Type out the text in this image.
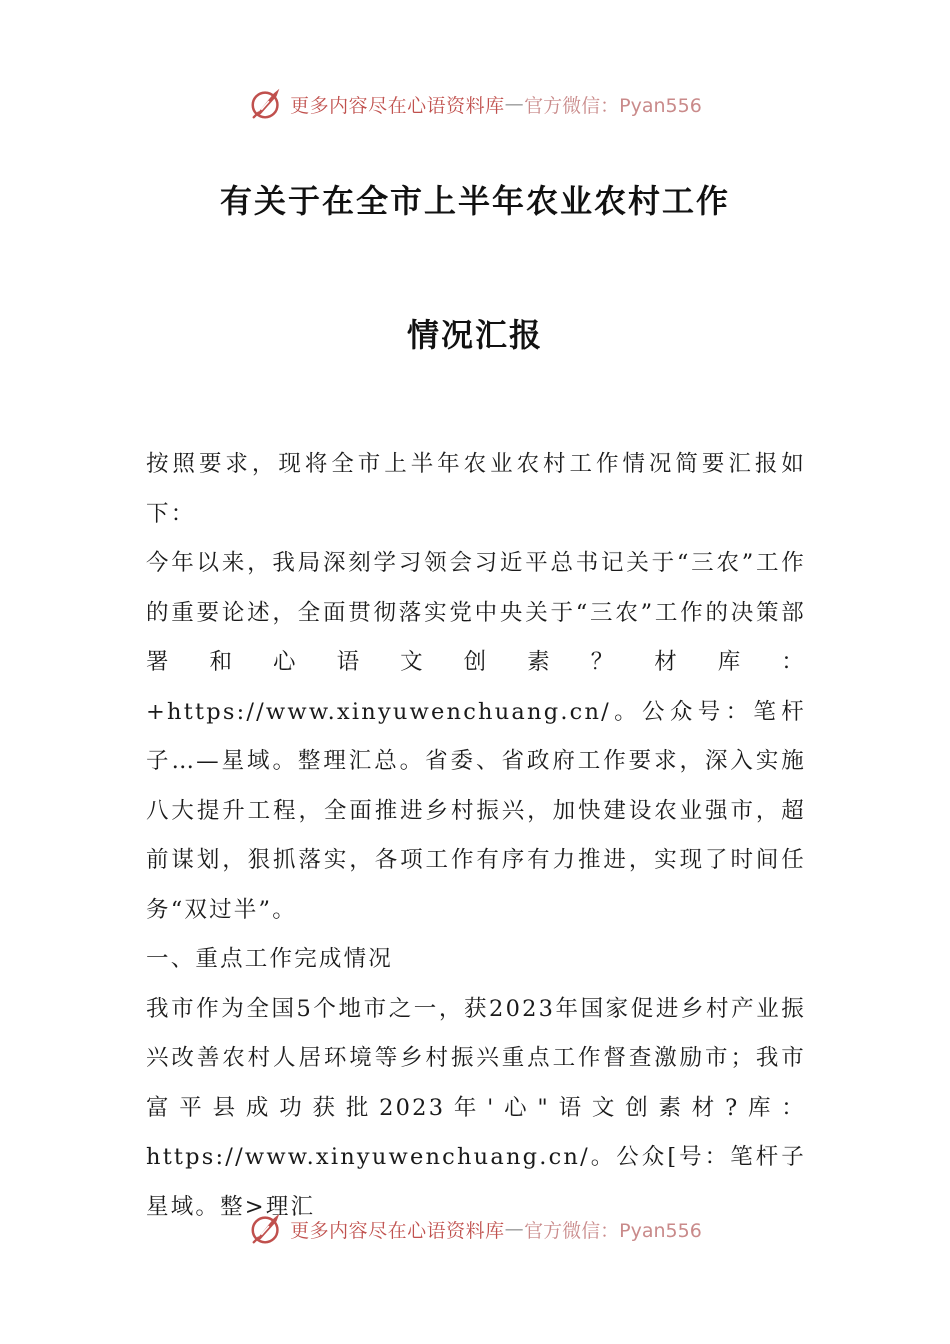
更多内容尽在心语资料库 — 官方微信：Pyan556
有关于在全市上半年农业农村工作
情况汇报

按照要求，现将全市上半年农业农村工作情况简要汇报如下：

今年以来，我局深刻学习领会习近平总书记关于“三农”工作的重要论述，全面贯彻落实党中央关于“三农”工作的决策部署和心语文创素？材库：+https://www.xinyuwenchuang.cn/。公众号：笔杆子…—星域。整理汇总。省委、省政府工作要求，深入实施八大提升工程，全面推进乡村振兴，加快建设农业强市，超前谋划，狠抓落实，各项工作有序有力推进，实现了时间任务“双过半”。

一、重点工作完成情况

我市作为全国5个地市之一，获2023年国家促进乡村产业振兴改善农村人居环境等乡村振兴重点工作督查激励市；我市富平县成功获批2023年'心"语文创素材?库：https://www.xinyuwenchuang.cn/。公众[号：笔杆子星域。整>理汇

更多内容尽在心语资料库 — 官方微信：Pyan556
